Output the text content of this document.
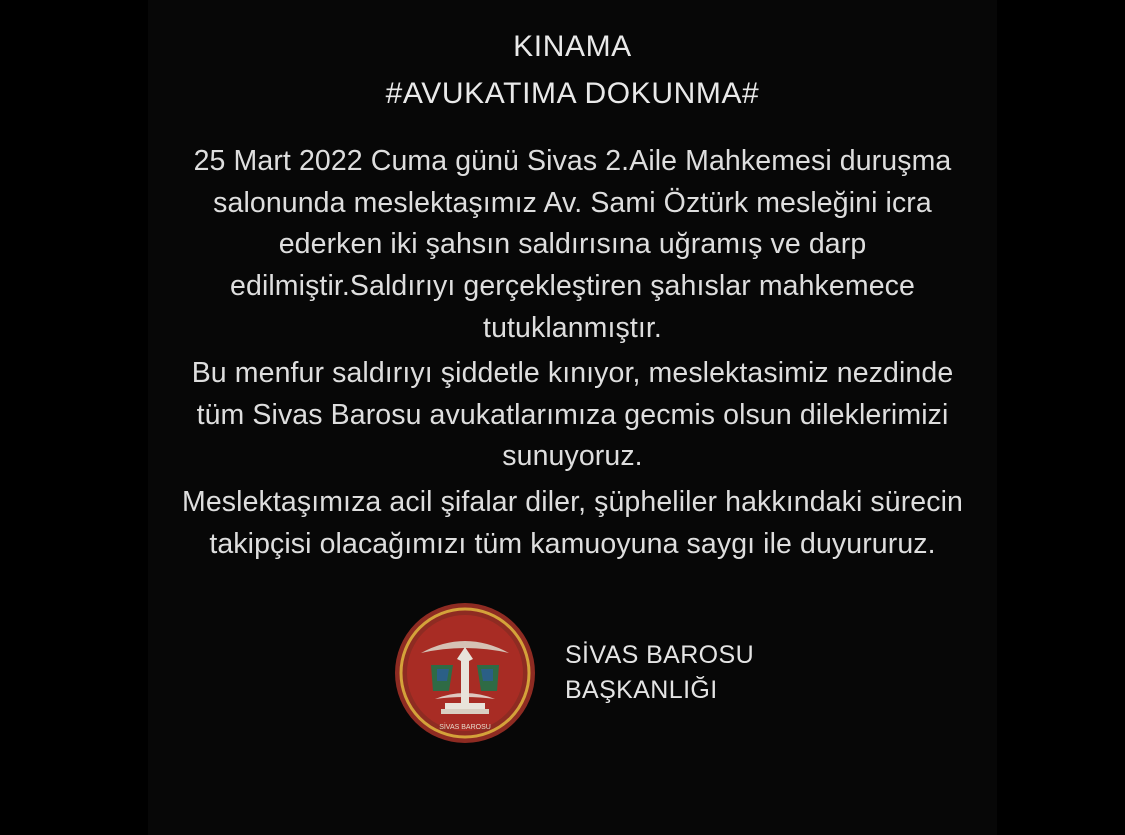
KINAMA
#AVUKATIMA DOKUNMA#

25 Mart 2022 Cuma günü Sivas 2.Aile Mahkemesi duruşma salonunda meslektaşımız Av. Sami Öztürk mesleğini icra ederken iki şahsın saldırısına uğramış ve darp edilmiştir.Saldırıyı gerçekleştiren şahıslar mahkemece tutuklanmıştır.

Bu menfur saldırıyı şiddetle kınıyor, meslektasimiz nezdinde tüm Sivas Barosu avukatlarımıza gecmis olsun dileklerimizi sunuyoruz.

Meslektaşımıza acil şifalar diler, şüpheliler hakkındaki sürecin takipçisi olacağımızı tüm kamuoyuna saygı ile duyururuz.

SİVAS BAROSU
SİVAS BAROSU
BAŞKANLIĞI
